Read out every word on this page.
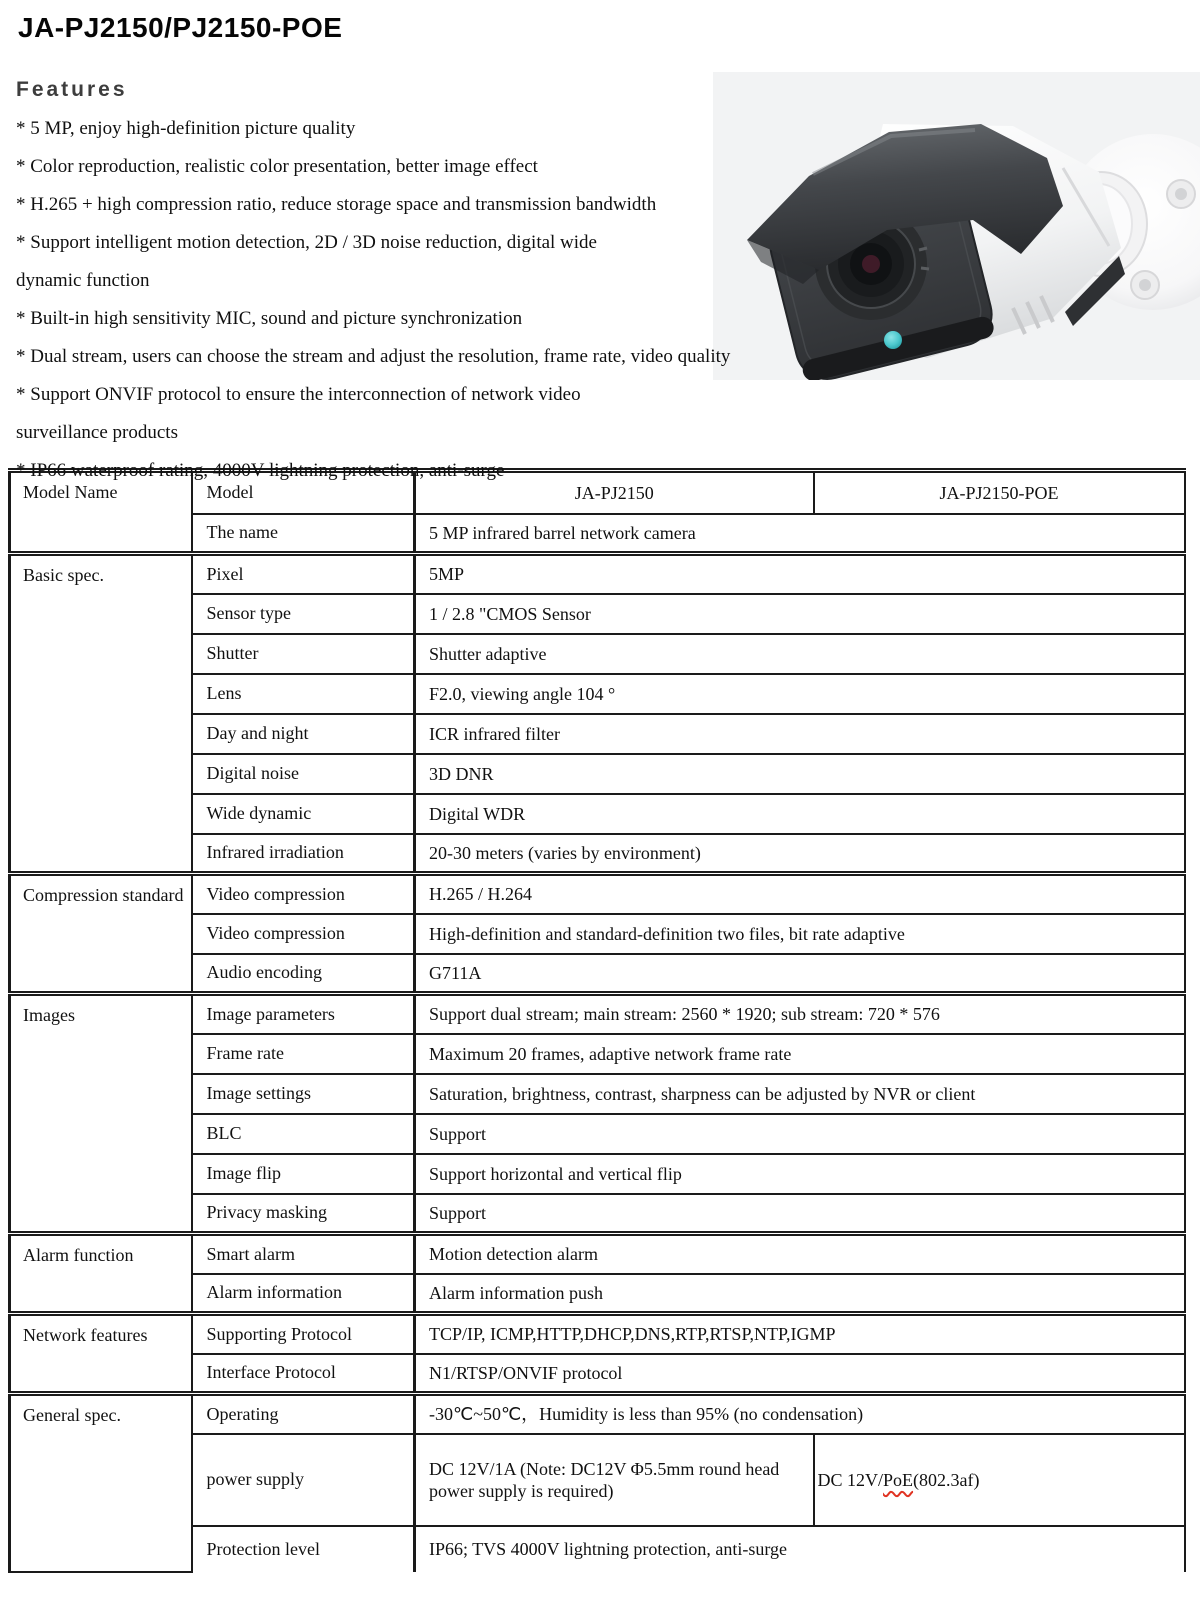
JA-PJ2150/PJ2150-POE
Features
* 5 MP, enjoy high-definition picture quality
* Color reproduction, realistic color presentation, better image effect
* H.265 + high compression ratio, reduce storage space and transmission bandwidth
* Support intelligent motion detection, 2D / 3D noise reduction, digital wide
dynamic function
* Built-in high sensitivity MIC, sound and picture synchronization
* Dual stream, users can choose the stream and adjust the resolution, frame rate, video quality
* Support ONVIF protocol to ensure the interconnection of network video
surveillance products
* IP66 waterproof rating, 4000V lightning protection, anti-surge
Model Name	Model	JA-PJ2150	JA-PJ2150-POE
	The name	5 MP infrared barrel network camera	
Basic spec.	Pixel	5MP	
	Sensor type	1 / 2.8 "CMOS Sensor	
	Shutter	Shutter adaptive	
	Lens	F2.0, viewing angle 104 °	
	Day and night	ICR infrared filter	
	Digital noise	3D DNR	
	Wide dynamic	Digital WDR	
	Infrared irradiation	20-30 meters (varies by environment)	
Compression standard	Video compression	H.265 / H.264	
	Video compression	High-definition and standard-definition two files, bit rate adaptive	
	Audio encoding	G711A	
Images	Image parameters	Support dual stream; main stream: 2560 * 1920; sub stream: 720 * 576	
	Frame rate	Maximum 20 frames, adaptive network frame rate	
	Image settings	Saturation, brightness, contrast, sharpness can be adjusted by NVR or client	
	BLC	Support	
	Image flip	Support horizontal and vertical flip	
	Privacy masking	Support	
Alarm function	Smart alarm	Motion detection alarm	
	Alarm information	Alarm information push	
Network features	Supporting Protocol	TCP/IP, ICMP,HTTP,DHCP,DNS,RTP,RTSP,NTP,IGMP	
	Interface Protocol	N1/RTSP/ONVIF protocol	
General spec.	Operating	-30℃~50℃，Humidity is less than 95% (no condensation)	
	power supply	DC 12V/1A (Note: DC12V Φ5.5mm round head power supply is required)	DC 12V/PoE(802.3af)
	Protection level	IP66; TVS 4000V lightning protection, anti-surge	
